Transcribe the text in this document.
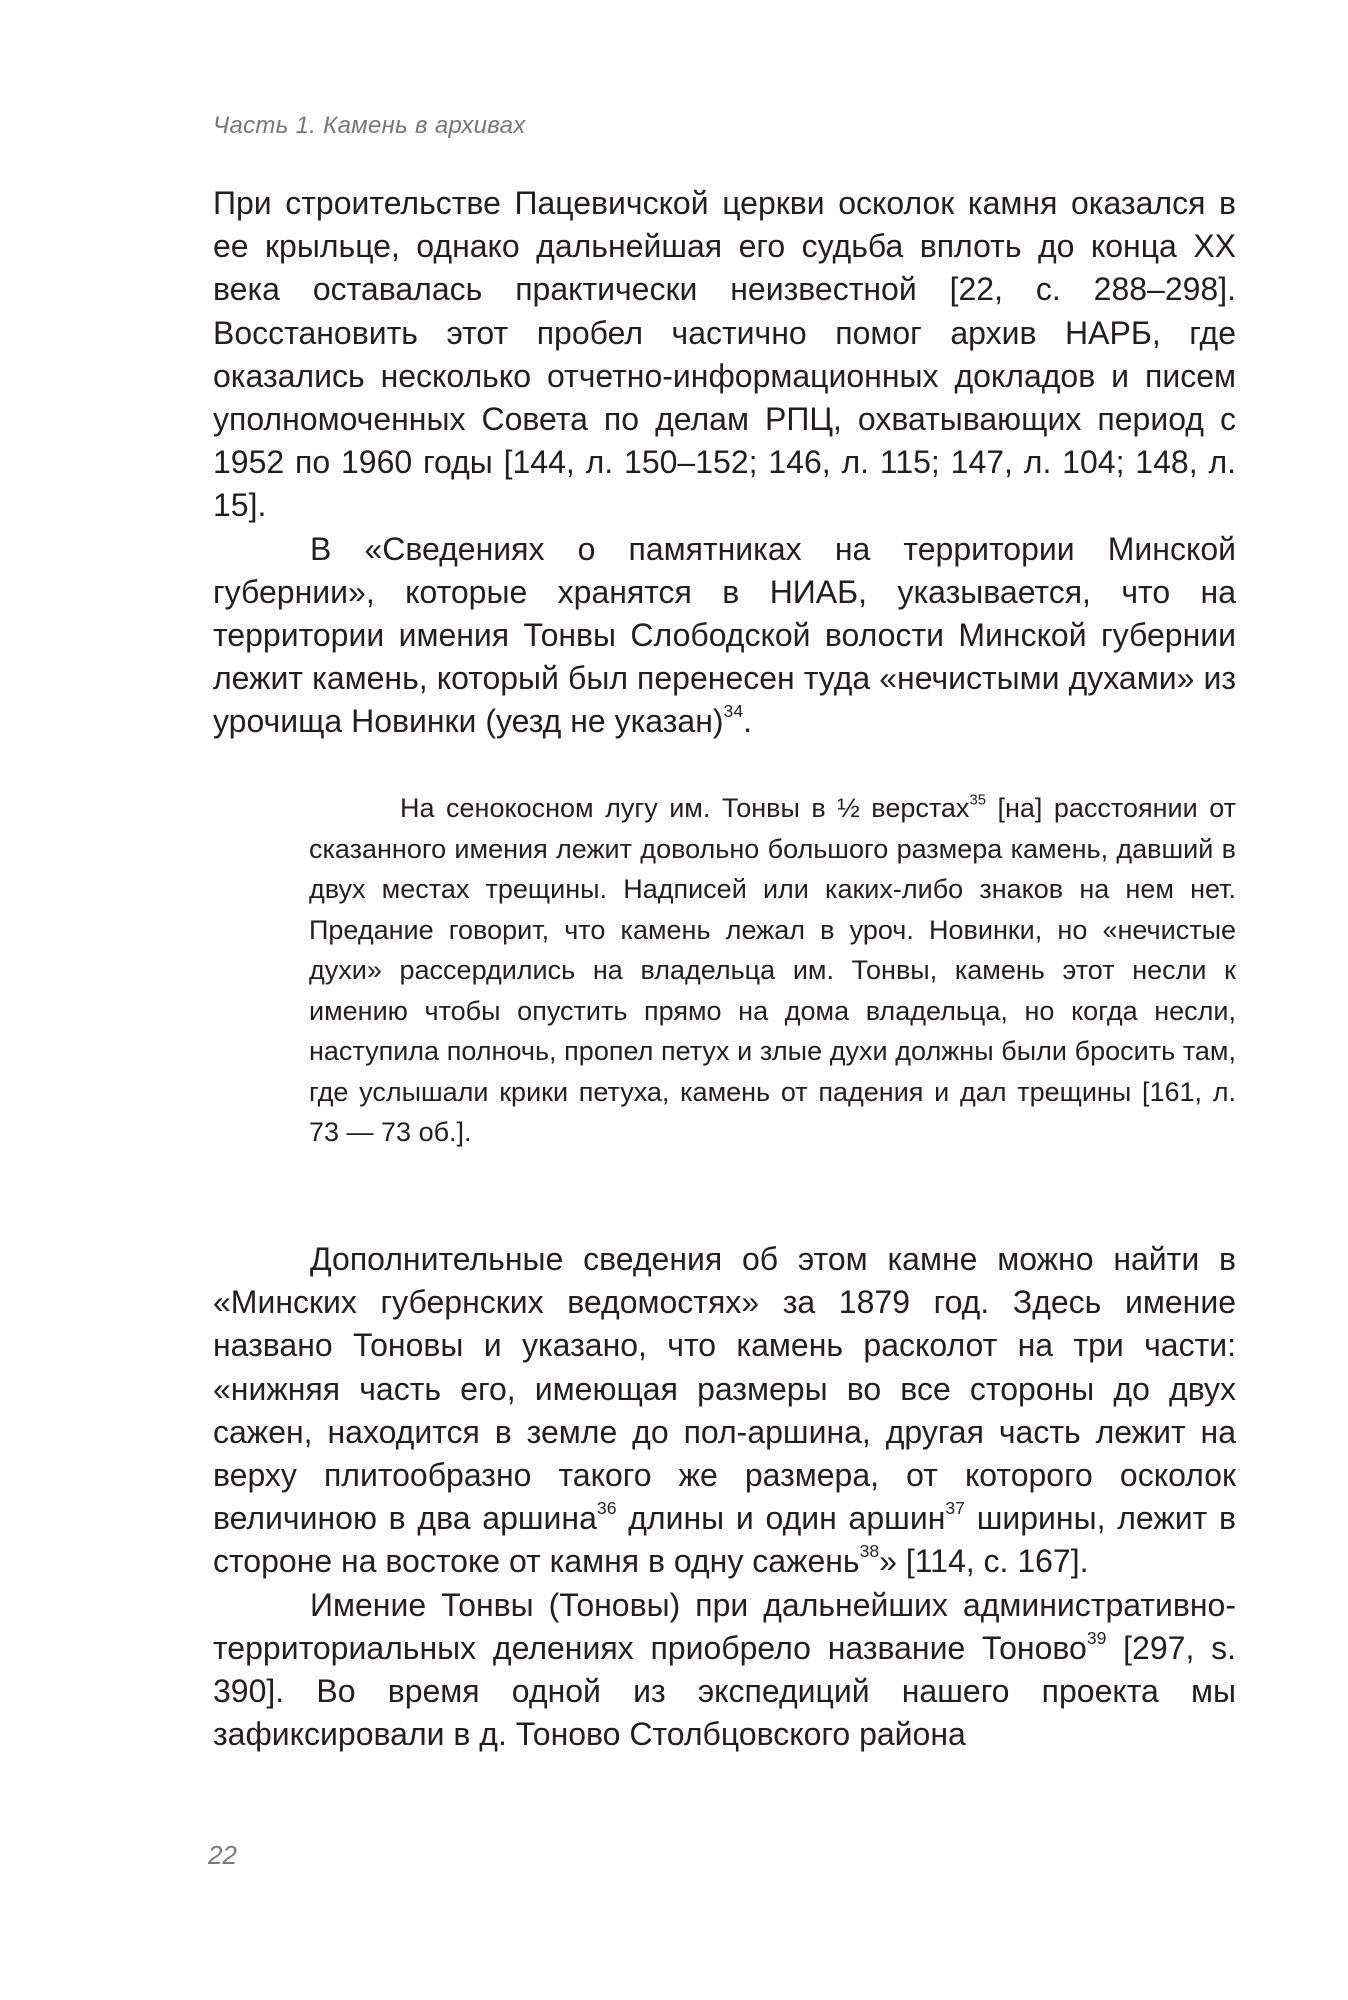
Часть 1. Камень в архивах

При строительстве Пацевичской церкви осколок камня оказался в ее крыльце, однако дальнейшая его судьба вплоть до конца XX века оставалась практически неизвестной [22, с. 288–298]. Восстановить этот пробел частично помог архив НАРБ, где оказались несколько отчетно-информационных докладов и писем уполномоченных Совета по делам РПЦ, охватывающих период с 1952 по 1960 годы [144, л. 150–152; 146, л. 115; 147, л. 104; 148, л. 15].

В «Сведениях о памятниках на территории Минской губернии», которые хранятся в НИАБ, указывается, что на территории имения Тонвы Слободской волости Минской губернии лежит камень, который был перенесен туда «нечистыми духами» из урочища Новинки (уезд не указан)$^{34}$.

На сенокосном лугу им. Тонвы в ½ верстах$^{35}$ [на] расстоянии от сказанного имения лежит довольно большого размера камень, давший в двух местах трещины. Надписей или каких-либо знаков на нем нет. Предание говорит, что камень лежал в уроч. Новинки, но «нечистые духи» рассердились на владельца им. Тонвы, камень этот несли к имению чтобы опустить прямо на дома владельца, но когда несли, наступила полночь, пропел петух и злые духи должны были бросить там, где услышали крики петуха, камень от падения и дал трещины [161, л. 73 — 73 об.].

Дополнительные сведения об этом камне можно найти в «Минских губернских ведомостях» за 1879 год. Здесь имение названо Тоновы и указано, что камень расколот на три части: «нижняя часть его, имеющая размеры во все стороны до двух сажен, находится в земле до пол-аршина, другая часть лежит на верху плитообразно такого же размера, от которого осколок величиною в два аршина$^{36}$ длины и один аршин$^{37}$ ширины, лежит в стороне на востоке от камня в одну сажень$^{38}$» [114, с. 167].

Имение Тонвы (Тоновы) при дальнейших административно-территориальных делениях приобрело название Тоново$^{39}$ [297, s. 390]. Во время одной из экспедиций нашего проекта мы зафиксировали в д. Тоново Столбцовского района

22
